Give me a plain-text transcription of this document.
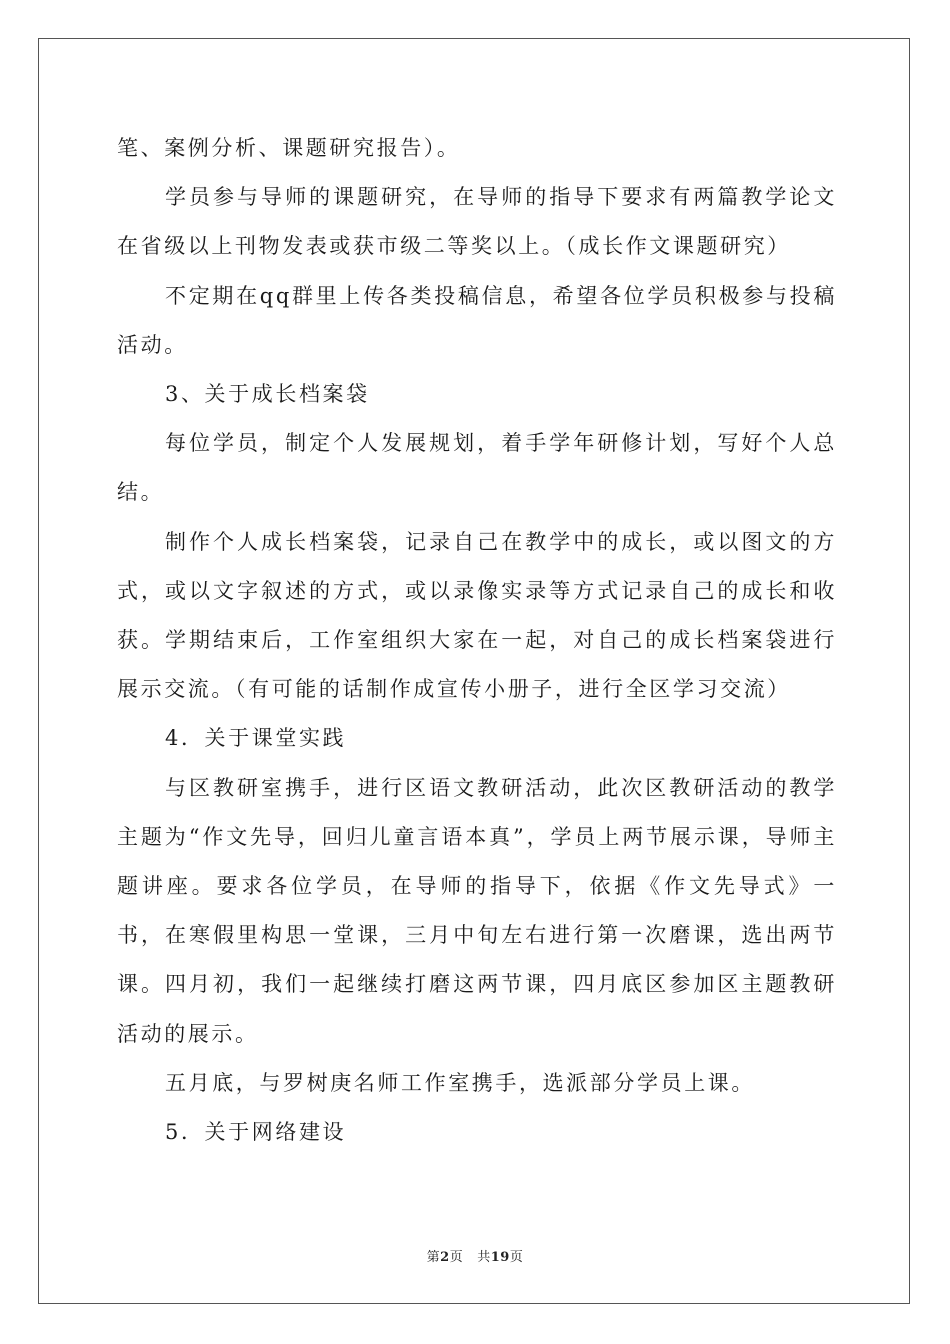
笔、案例分析、课题研究报告）。

学员参与导师的课题研究，在导师的指导下要求有两篇教学论文在省级以上刊物发表或获市级二等奖以上。（成长作文课题研究）

不定期在qq群里上传各类投稿信息，希望各位学员积极参与投稿活动。

3、关于成长档案袋

每位学员，制定个人发展规划，着手学年研修计划，写好个人总结。

制作个人成长档案袋，记录自己在教学中的成长，或以图文的方式，或以文字叙述的方式，或以录像实录等方式记录自己的成长和收获。学期结束后，工作室组织大家在一起，对自己的成长档案袋进行展示交流。（有可能的话制作成宣传小册子，进行全区学习交流）

4．关于课堂实践

与区教研室携手，进行区语文教研活动，此次区教研活动的教学主题为“作文先导，回归儿童言语本真”，学员上两节展示课，导师主题讲座。要求各位学员，在导师的指导下，依据《作文先导式》一书，在寒假里构思一堂课，三月中旬左右进行第一次磨课，选出两节课。四月初，我们一起继续打磨这两节课，四月底区参加区主题教研活动的展示。

五月底，与罗树庚名师工作室携手，选派部分学员上课。

5．关于网络建设

第2页 共19页
